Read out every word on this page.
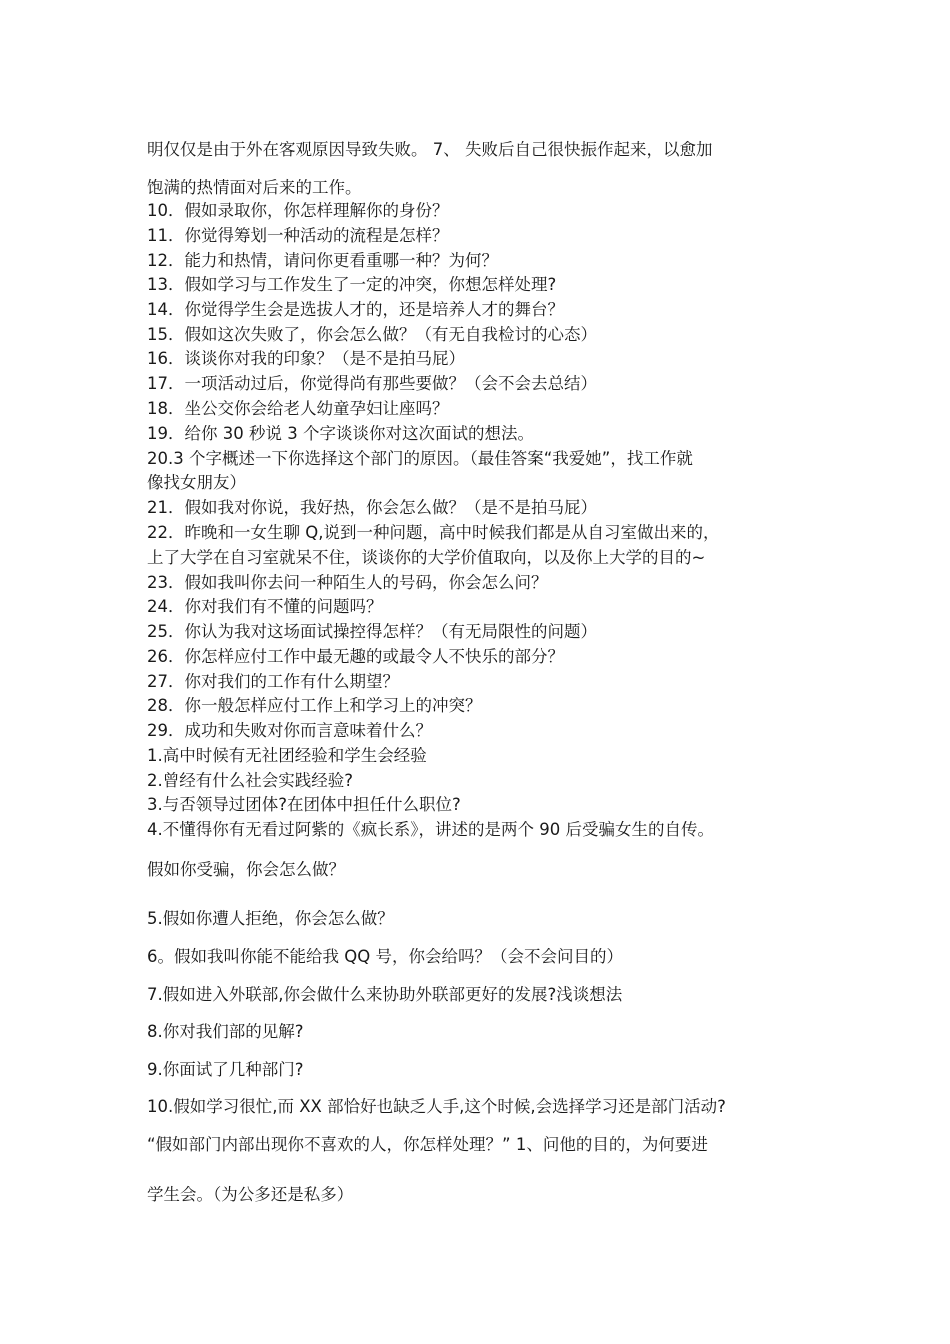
明仅仅是由于外在客观原因导致失败。 7、 失败后自己很快振作起来，以愈加
饱满的热情面对后来的工作。
10．假如录取你，你怎样理解你的身份？
11．你觉得筹划一种活动的流程是怎样？
12．能力和热情，请问你更看重哪一种？为何？
13．假如学习与工作发生了一定的冲突，你想怎样处理?
14．你觉得学生会是选拔人才的，还是培养人才的舞台？
15．假如这次失败了，你会怎么做？（有无自我检讨的心态）
16．谈谈你对我的印象？（是不是拍马屁）
17．一项活动过后，你觉得尚有那些要做？（会不会去总结）
18．坐公交你会给老人幼童孕妇让座吗？
19．给你 30 秒说 3 个字谈谈你对这次面试的想法。
20.3 个字概述一下你选择这个部门的原因。（最佳答案“我爱她”，找工作就
像找女朋友）
21．假如我对你说，我好热，你会怎么做？（是不是拍马屁）
22．昨晚和一女生聊 Q,说到一种问题，高中时候我们都是从自习室做出来的，
上了大学在自习室就呆不住，谈谈你的大学价值取向，以及你上大学的目的~
23．假如我叫你去问一种陌生人的号码，你会怎么问？
24．你对我们有不懂的问题吗？
25．你认为我对这场面试操控得怎样？（有无局限性的问题）
26．你怎样应付工作中最无趣的或最令人不快乐的部分？
27．你对我们的工作有什么期望？
28．你一般怎样应付工作上和学习上的冲突？
29．成功和失败对你而言意味着什么？
1.高中时候有无社团经验和学生会经验
2.曾经有什么社会实践经验?
3.与否领导过团体?在团体中担任什么职位?
4.不懂得你有无看过阿紫的《疯长系》，讲述的是两个 90 后受骗女生的自传。
假如你受骗，你会怎么做？
5.假如你遭人拒绝，你会怎么做？
6。假如我叫你能不能给我 QQ 号，你会给吗？（会不会问目的）
7.假如进入外联部,你会做什么来协助外联部更好的发展?浅谈想法
8.你对我们部的见解?
9.你面试了几种部门?
10.假如学习很忙,而 XX 部恰好也缺乏人手,这个时候,会选择学习还是部门活动?
“假如部门内部出现你不喜欢的人，你怎样处理？” 1、问他的目的，为何要进
学生会。（为公多还是私多）
